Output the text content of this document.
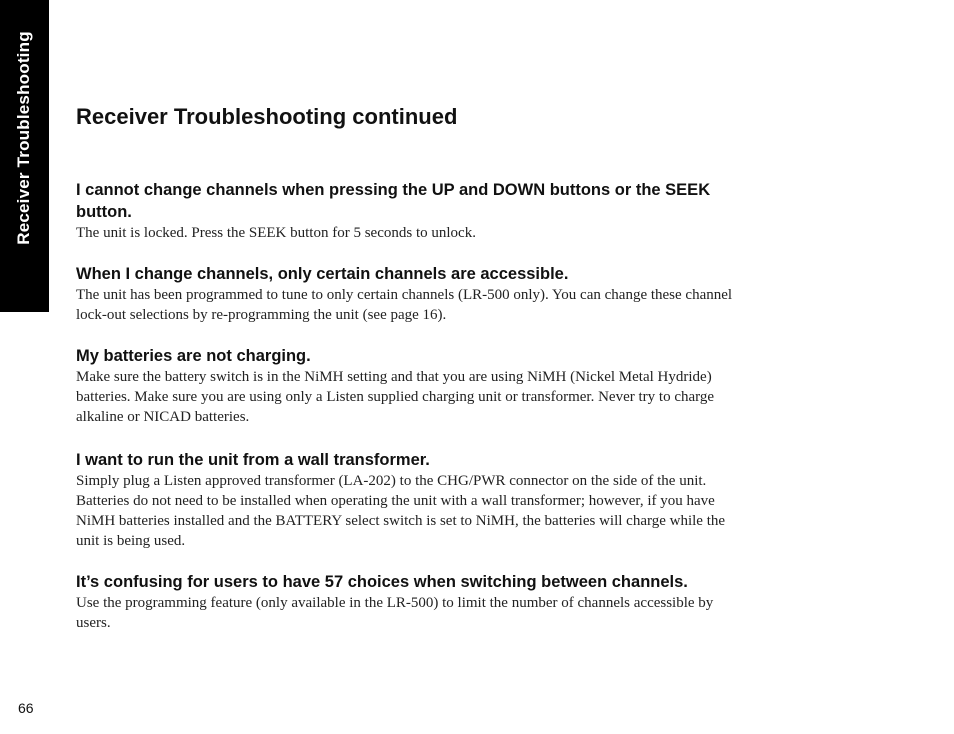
Receiver Troubleshooting Receiver Troubleshooting continued

I cannot change channels when pressing the UP and DOWN buttons or the SEEK button.

The unit is locked. Press the SEEK button for 5 seconds to unlock.

When I change channels, only certain channels are accessible.

The unit has been programmed to tune to only certain channels (LR-500 only). You can change these channel lock-out selections by re-programming the unit (see page 16).

My batteries are not charging.

Make sure the battery switch is in the NiMH setting and that you are using NiMH (Nickel Metal Hydride) batteries. Make sure you are using only a Listen supplied charging unit or transformer. Never try to charge alkaline or NICAD batteries.

I want to run the unit from a wall transformer.

Simply plug a Listen approved transformer (LA-202) to the CHG/PWR connector on the side of the unit. Batteries do not need to be installed when operating the unit with a wall transformer; however, if you have NiMH batteries installed and the BATTERY select switch is set to NiMH, the batteries will charge while the unit is being used.

It’s confusing for users to have 57 choices when switching between channels.

Use the programming feature (only available in the LR-500) to limit the number of channels accessible by users.

66
